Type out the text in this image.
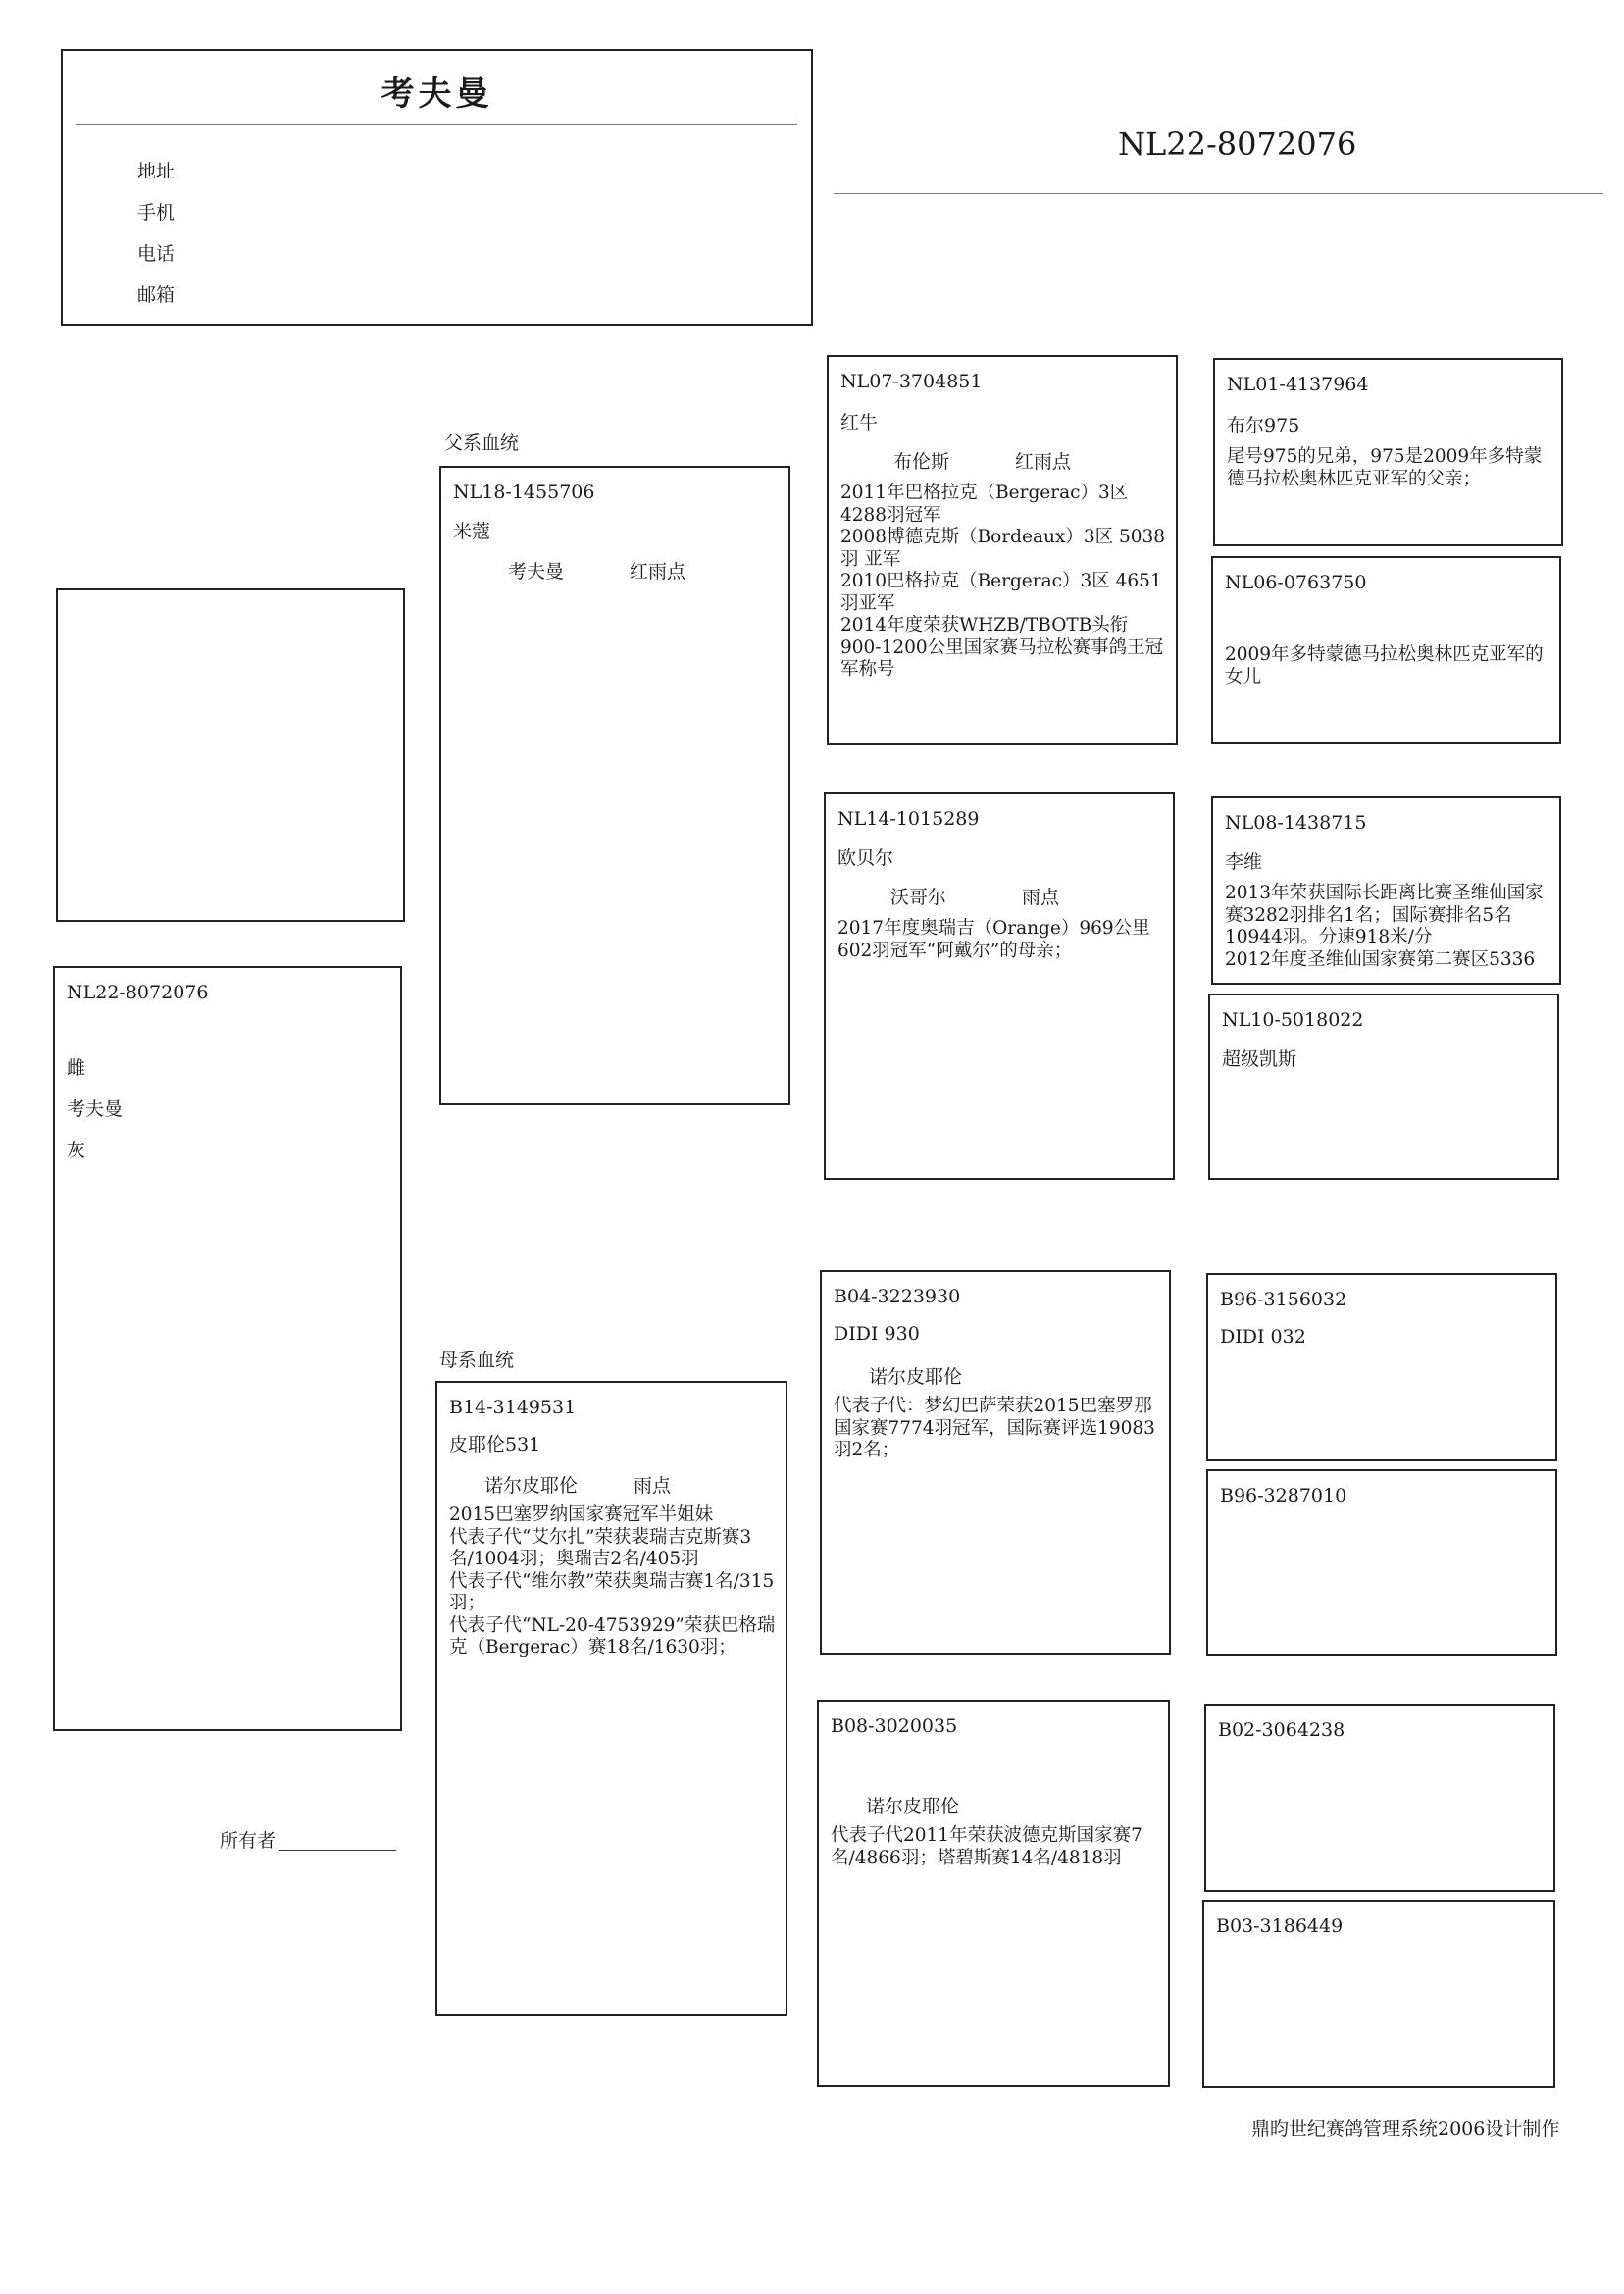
考夫曼
地址
手机
电话
邮箱
NL22-8072076
NL22-8072076
雌
考夫曼
灰
所有者
父系血统
NL18-1455706
米蔻
考夫曼	红雨点
母系血统
B14-3149531
皮耶伦531
诺尔皮耶伦	雨点
2015巴塞罗纳国家赛冠军半姐妹
代表子代“艾尔扎”荣获裴瑞吉克斯赛3名/1004羽；奥瑞吉2名/405羽
代表子代“维尔教”荣获奥瑞吉赛1名/315羽；
代表子代“NL-20-4753929”荣获巴格瑞克（Bergerac）赛18名/1630羽；
NL07-3704851
红牛
布伦斯	红雨点
2011年巴格拉克（Bergerac）3区4288羽冠军
2008博德克斯（Bordeaux）3区 5038羽 亚军
2010巴格拉克（Bergerac）3区 4651羽亚军
2014年度荣获WHZB/TBOTB头衔900-1200公里国家赛马拉松赛事鸽王冠军称号
NL14-1015289
欧贝尔
沃哥尔	雨点
2017年度奥瑞吉（Orange）969公里602羽冠军“阿戴尔”的母亲；
B04-3223930
DIDI 930
诺尔皮耶伦
代表子代：梦幻巴萨荣获2015巴塞罗那国家赛7774羽冠军，国际赛评选19083羽2名；
B08-3020035
诺尔皮耶伦
代表子代2011年荣获波德克斯国家赛7名/4866羽；塔碧斯赛14名/4818羽
NL01-4137964
布尔975
尾号975的兄弟，975是2009年多特蒙德马拉松奥林匹克亚军的父亲；
NL06-0763750
2009年多特蒙德马拉松奥林匹克亚军的女儿
NL08-1438715
李维
2013年荣获国际长距离比赛圣维仙国家赛3282羽排名1名；国际赛排名5名10944羽。分速918米/分
2012年度圣维仙国家赛第二赛区5336
NL10-5018022
超级凯斯
B96-3156032
DIDI 032
B96-3287010
B02-3064238
B03-3186449
鼎昀世纪赛鸽管理系统2006设计制作
